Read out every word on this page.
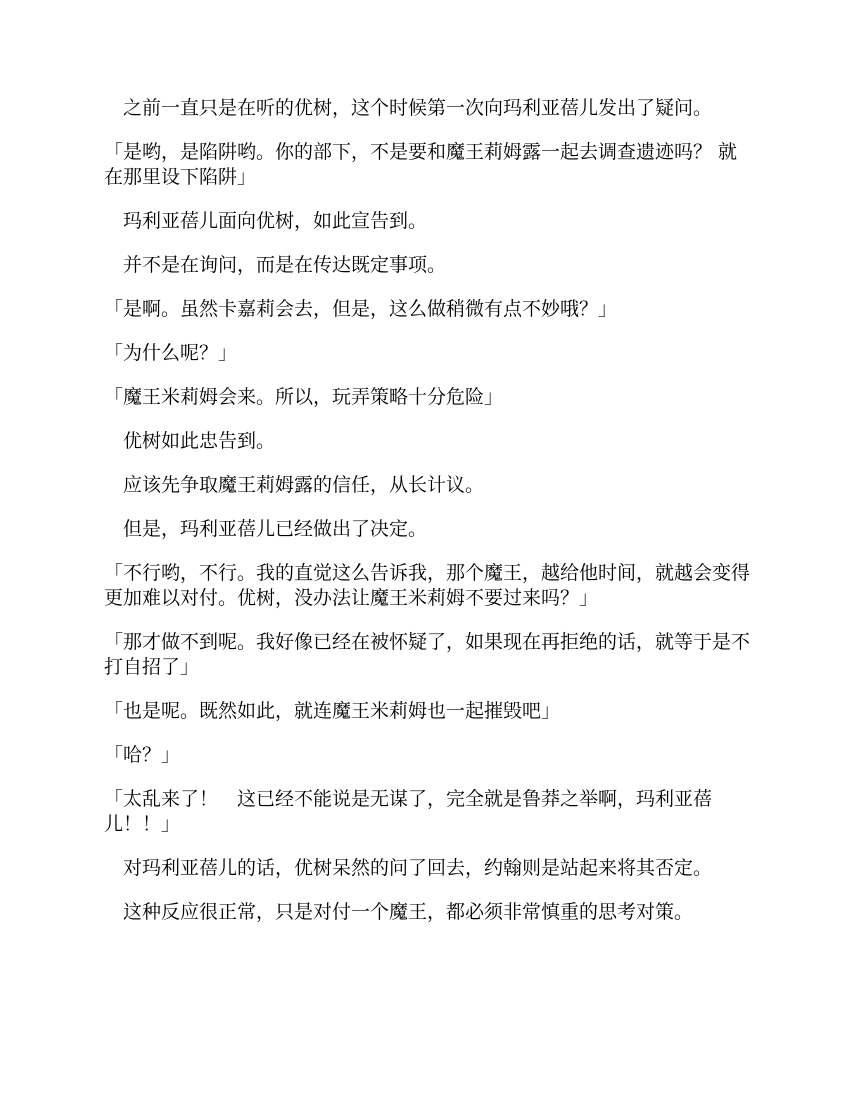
　之前一直只是在听的优树，这个时候第一次向玛利亚蓓儿发出了疑问。

「是哟，是陷阱哟。你的部下，不是要和魔王莉姆露一起去调查遗迹吗？ 就在那里设下陷阱」

　玛利亚蓓儿面向优树，如此宣告到。

　并不是在询问，而是在传达既定事项。

「是啊。虽然卡嘉莉会去，但是，这么做稍微有点不妙哦？」

「为什么呢？」

「魔王米莉姆会来。所以，玩弄策略十分危险」

　优树如此忠告到。

　应该先争取魔王莉姆露的信任，从长计议。

　但是，玛利亚蓓儿已经做出了决定。

「不行哟，不行。我的直觉这么告诉我，那个魔王，越给他时间，就越会变得更加难以对付。优树，没办法让魔王米莉姆不要过来吗？」

「那才做不到呢。我好像已经在被怀疑了，如果现在再拒绝的话，就等于是不打自招了」

「也是呢。既然如此，就连魔王米莉姆也一起摧毁吧」

「哈？」

「太乱来了！　这已经不能说是无谋了，完全就是鲁莽之举啊，玛利亚蓓儿！！」

　对玛利亚蓓儿的话，优树呆然的问了回去，约翰则是站起来将其否定。

　这种反应很正常，只是对付一个魔王，都必须非常慎重的思考对策。
